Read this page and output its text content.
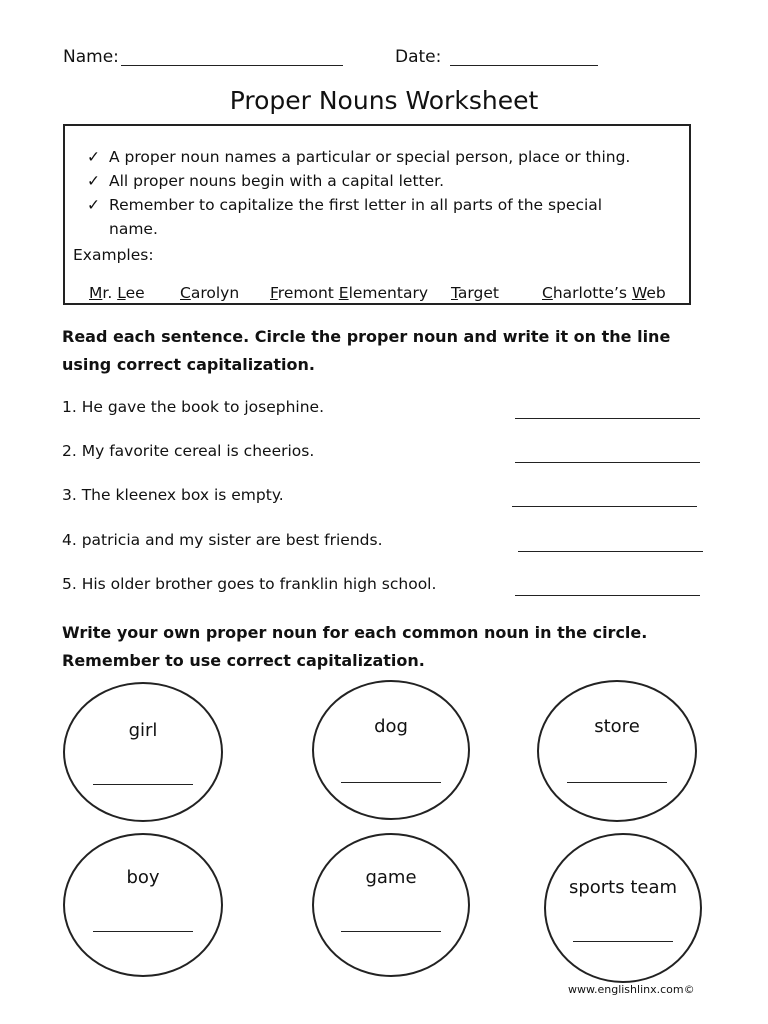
Name:	Date:
Proper Nouns Worksheet
✓ A proper noun names a particular or special person, place or thing.
✓ All proper nouns begin with a capital letter.
✓ Remember to capitalize the first letter in all parts of the special
name.
Examples:
Mr. Lee Carolyn Fremont Elementary Target	Charlotte’s Web
Read each sentence. Circle the proper noun and write it on the line using correct capitalization.
1. He gave the book to josephine.
2. My favorite cereal is cheerios.
3. The kleenex box is empty.
4. patricia and my sister are best friends.
5. His older brother goes to franklin high school.
Write your own proper noun for each common noun in the circle.
Remember to use correct capitalization.
girl	dog	store
boy	game	sports team
www.englishlinx.com©
